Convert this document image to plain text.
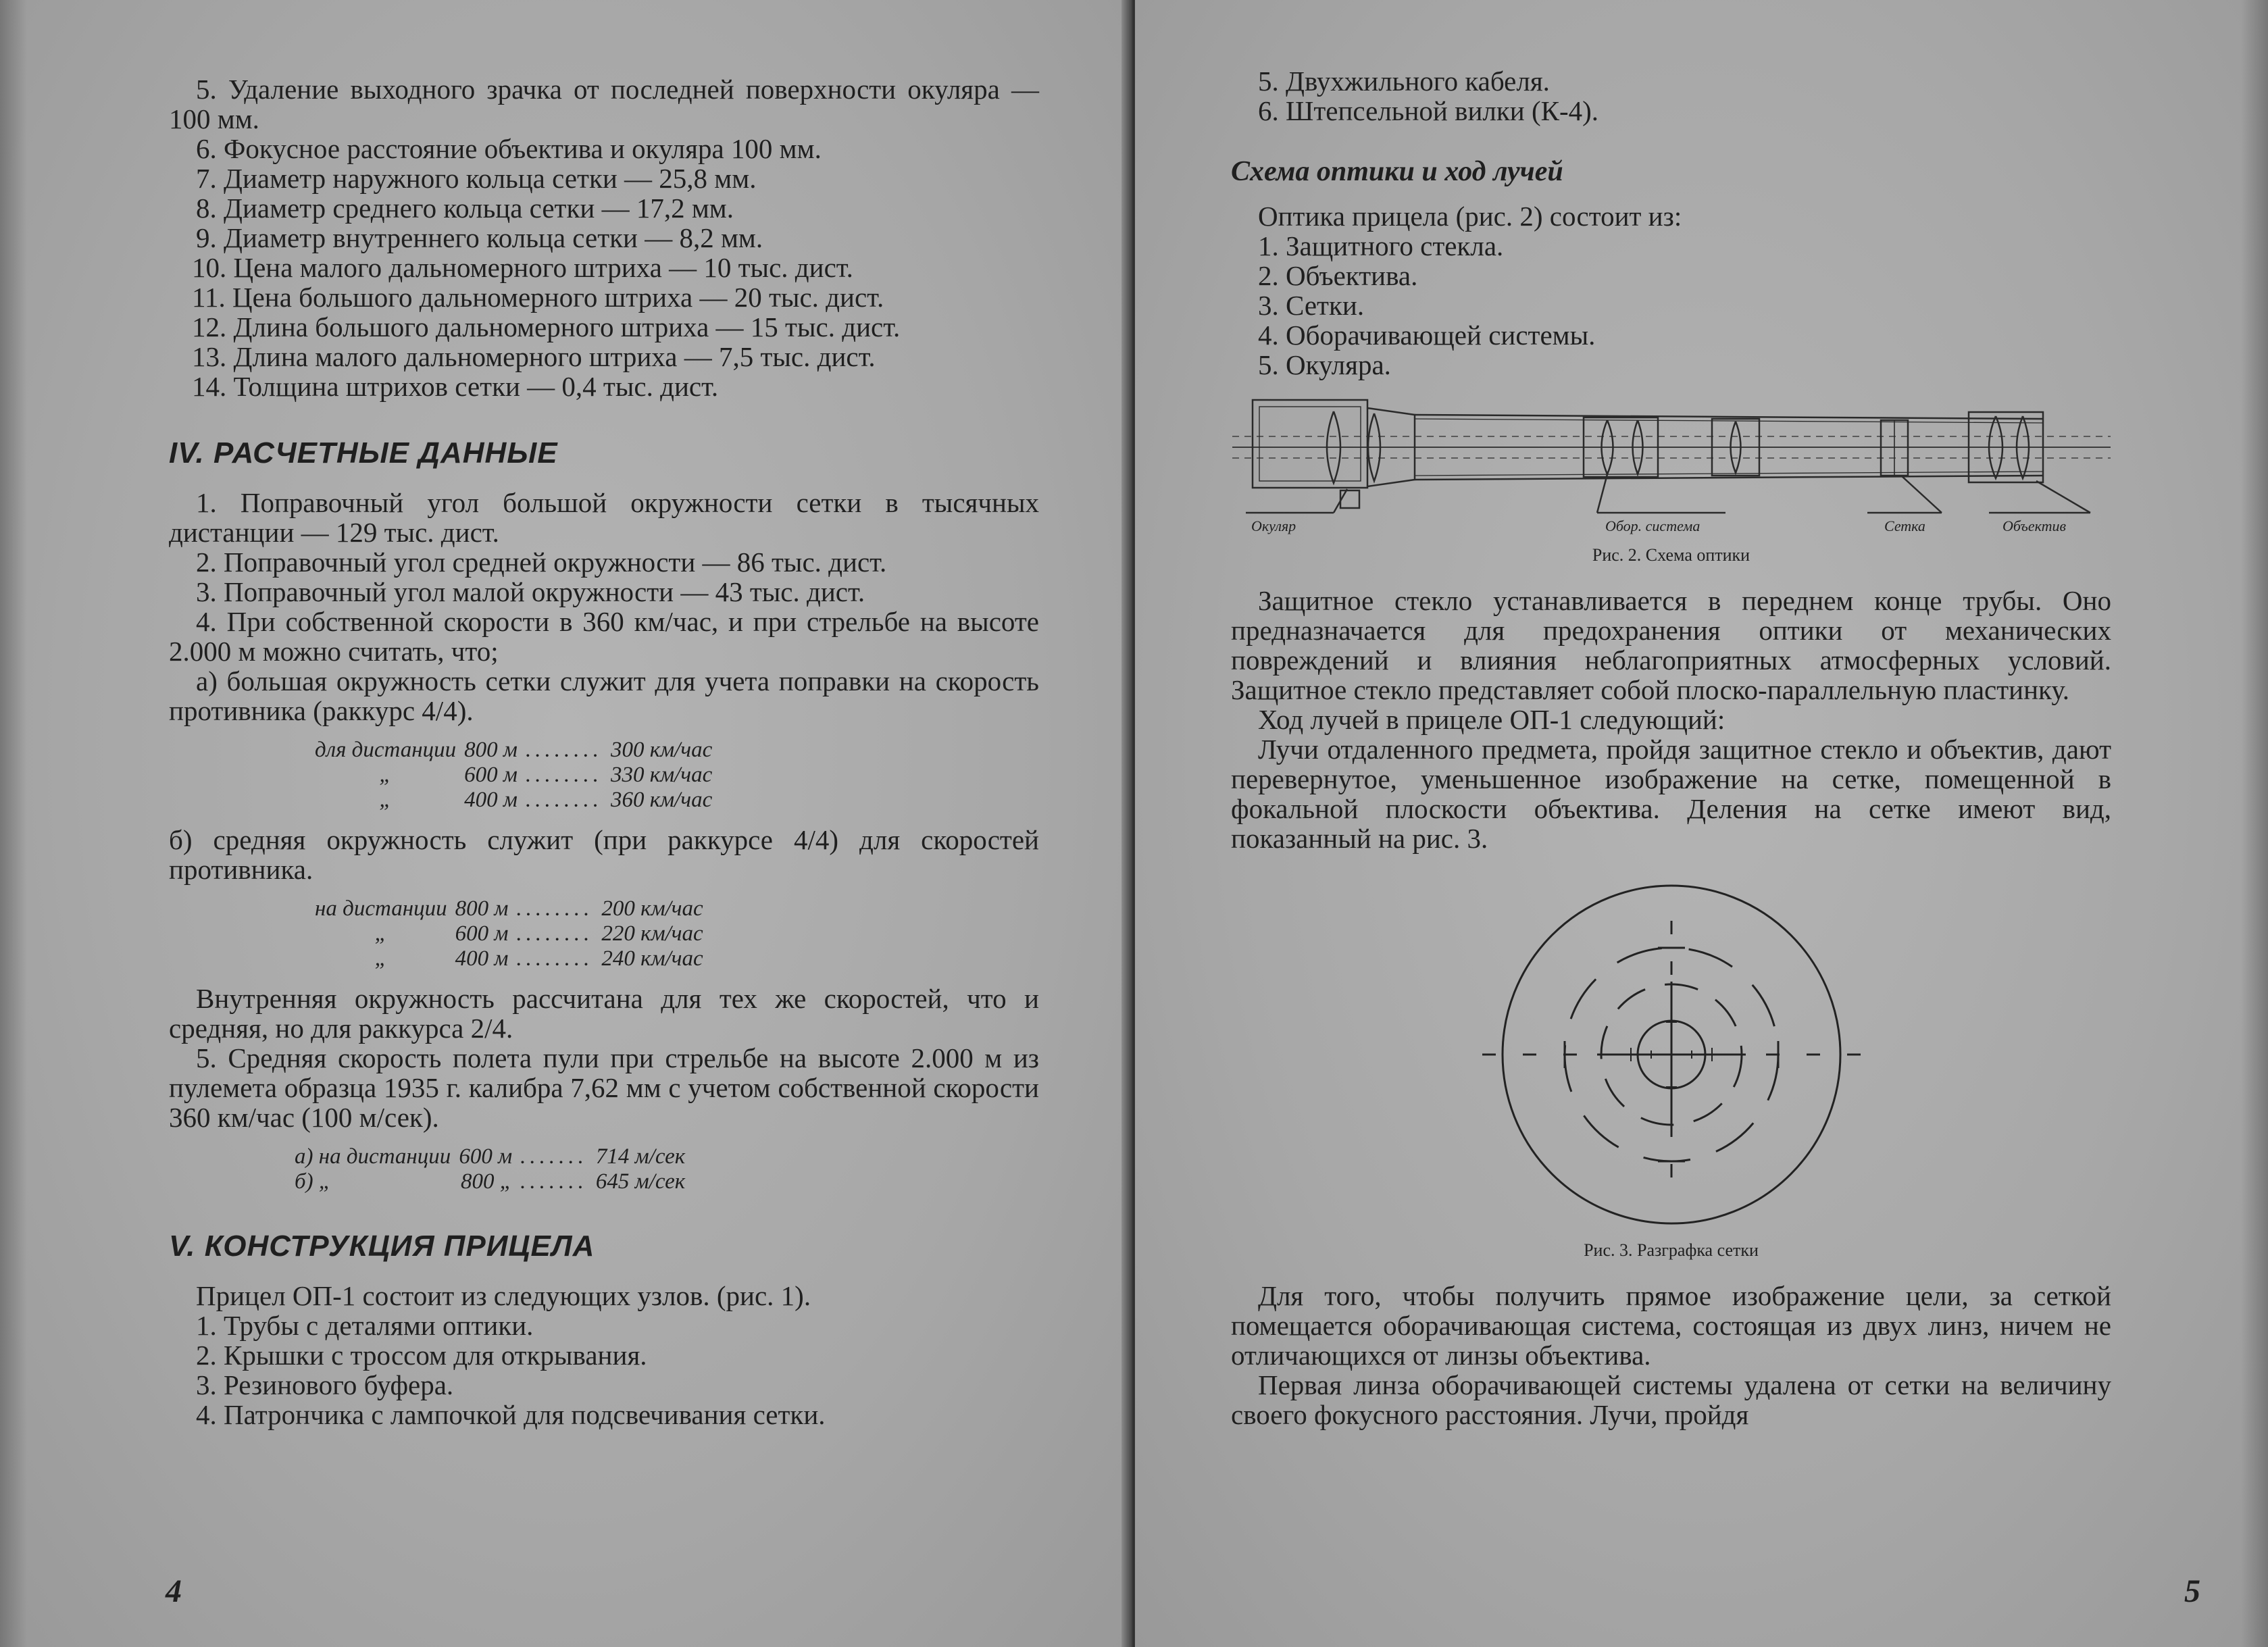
5. Удаление выходного зрачка от последней поверхности окуляра — 100 мм.

6. Фокусное расстояние объектива и окуляра 100 мм.

7. Диаметр наружного кольца сетки — 25,8 мм.

8. Диаметр среднего кольца сетки — 17,2 мм.

9. Диаметр внутреннего кольца сетки — 8,2 мм.

10. Цена малого дальномерного штриха — 10 тыс. дист.

11. Цена большого дальномерного штриха — 20 тыс. дист.

12. Длина большого дальномерного штриха — 15 тыс. дист.

13. Длина малого дальномерного штриха — 7,5 тыс. дист.

14. Толщина штрихов сетки — 0,4 тыс. дист.

IV. РАСЧЕТНЫЕ ДАННЫЕ

1. Поправочный угол большой окружности сетки в тысячных дистанции — 129 тыс. дист.

2. Поправочный угол средней окружности — 86 тыс. дист.

3. Поправочный угол малой окружности — 43 тыс. дист.

4. При собственной скорости в 360 км/час, и при стрельбе на высоте 2.000 м можно считать, что;

а) большая окружность сетки служит для учета поправки на скорость противника (раккурс 4/4).

для дистанции	800 м	........	300 км/час
„	600 м	........	330 км/час
„	400 м	........	360 км/час

б) средняя окружность служит (при раккурсе 4/4) для скоростей противника.

на дистанции	800 м	........	200 км/час
„	600 м	........	220 км/час
„	400 м	........	240 км/час

Внутренняя окружность рассчитана для тех же скоростей, что и средняя, но для раккурса 2/4.

5. Средняя скорость полета пули при стрельбе на высоте 2.000 м из пулемета образца 1935 г. калибра 7,62 мм с учетом собственной скорости 360 км/час (100 м/сек).

а) на дистанции	600 м	.......	714 м/сек
б) „	800 „	.......	645 м/сек
V. КОНСТРУКЦИЯ ПРИЦЕЛА

Прицел ОП-1 состоит из следующих узлов. (рис. 1).

1. Трубы с деталями оптики.

2. Крышки с троссом для открывания.

3. Резинового буфера.

4. Патрончика с лампочкой для подсвечивания сетки.

4

5. Двухжильного кабеля.

6. Штепсельной вилки (К-4).

Схема оптики и ход лучей

Оптика прицела (рис. 2) состоит из:

1. Защитного стекла.

2. Объектива.

3. Сетки.

4. Оборачивающей системы.

5. Окуляра.

Окуляр	Обор. система	Сетка	Объектив
Рис. 2. Схема оптики

Защитное стекло устанавливается в переднем конце трубы. Оно предназначается для предохранения оптики от механических повреждений и влияния неблагоприятных атмосферных условий. Защитное стекло представляет собой плоско-параллельную пластинку.

Ход лучей в прицеле ОП-1 следующий:

Лучи отдаленного предмета, пройдя защитное стекло и объектив, дают перевернутое, уменьшенное изображение на сетке, помещенной в фокальной плоскости объектива. Деления на сетке имеют вид, показанный на рис. 3.

Рис. 3. Разграфка сетки

Для того, чтобы получить прямое изображение цели, за сеткой помещается оборачивающая система, состоящая из двух линз, ничем не отличающихся от линзы объектива.

Первая линза оборачивающей системы удалена от сетки на величину своего фокусного расстояния. Лучи, пройдя

5
